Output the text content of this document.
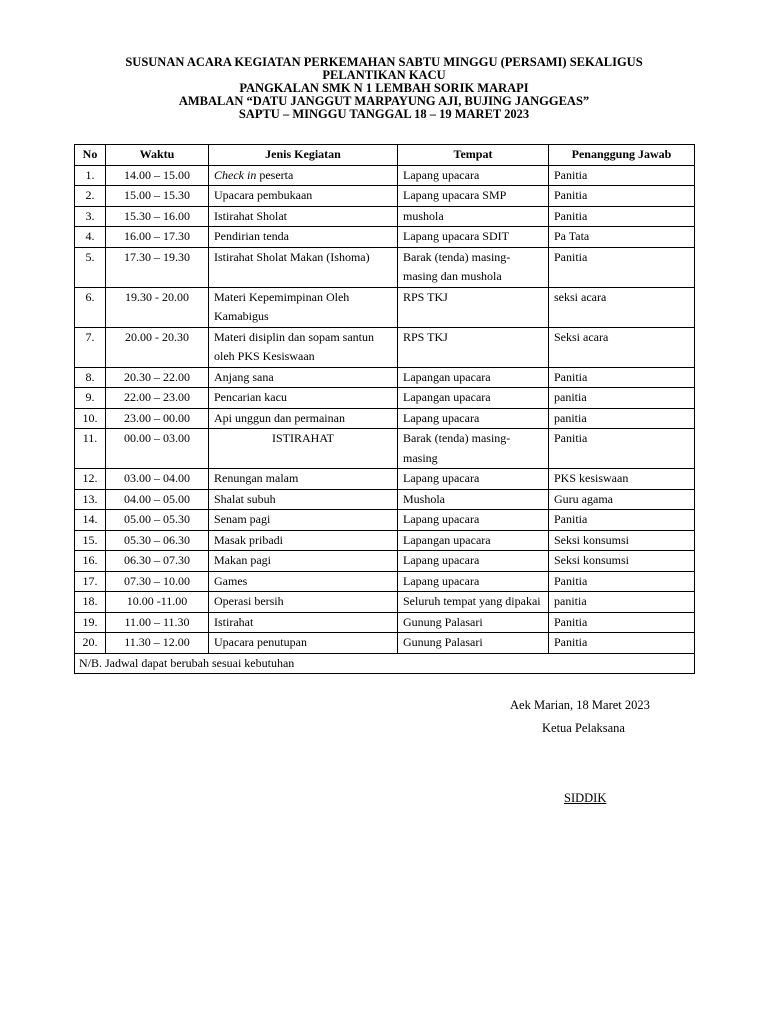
SUSUNAN ACARA KEGIATAN PERKEMAHAN SABTU MINGGU (PERSAMI) SEKALIGUS
PELANTIKAN KACU
PANGKALAN SMK N 1 LEMBAH SORIK MARAPI
AMBALAN “DATU JANGGUT MARPAYUNG AJI, BUJING JANGGEAS”
SAPTU – MINGGU TANGGAL 18 – 19 MARET 2023
No	Waktu	Jenis Kegiatan	Tempat	Penanggung Jawab
1.	14.00 – 15.00	Check in peserta	Lapang upacara	Panitia
2.	15.00 – 15.30	Upacara pembukaan	Lapang upacara SMP	Panitia
3.	15.30 – 16.00	Istirahat Sholat	mushola	Panitia
4.	16.00 – 17.30	Pendirian tenda	Lapang upacara SDIT	Pa Tata
5.	17.30 – 19.30	Istirahat Sholat Makan (Ishoma)	Barak (tenda) masing-masing dan mushola	Panitia
6.	19.30 - 20.00	Materi Kepemimpinan Oleh Kamabigus	RPS TKJ	seksi acara
7.	20.00 - 20.30	Materi disiplin dan sopam santun oleh PKS Kesiswaan	RPS TKJ	Seksi acara
8.	20.30 – 22.00	Anjang sana	Lapangan upacara	Panitia
9.	22.00 – 23.00	Pencarian kacu	Lapangan upacara	panitia
10.	23.00 – 00.00	Api unggun dan permainan	Lapang upacara	panitia
11.	00.00 – 03.00	ISTIRAHAT	Barak (tenda) masing-masing	Panitia
12.	03.00 – 04.00	Renungan malam	Lapang upacara	PKS kesiswaan
13.	04.00 – 05.00	Shalat subuh	Mushola	Guru agama
14.	05.00 – 05.30	Senam pagi	Lapang upacara	Panitia
15.	05.30 – 06.30	Masak pribadi	Lapangan upacara	Seksi konsumsi
16.	06.30 – 07.30	Makan pagi	Lapang upacara	Seksi konsumsi
17.	07.30 – 10.00	Games	Lapang upacara	Panitia
18.	10.00 -11.00	Operasi bersih	Seluruh tempat yang dipakai	panitia
19.	11.00 – 11.30	Istirahat	Gunung Palasari	Panitia
20.	11.30 – 12.00	Upacara penutupan	Gunung Palasari	Panitia
N/B. Jadwal dapat berubah sesuai kebutuhan				
Aek Marian, 18 Maret 2023
Ketua Pelaksana
SIDDIK
